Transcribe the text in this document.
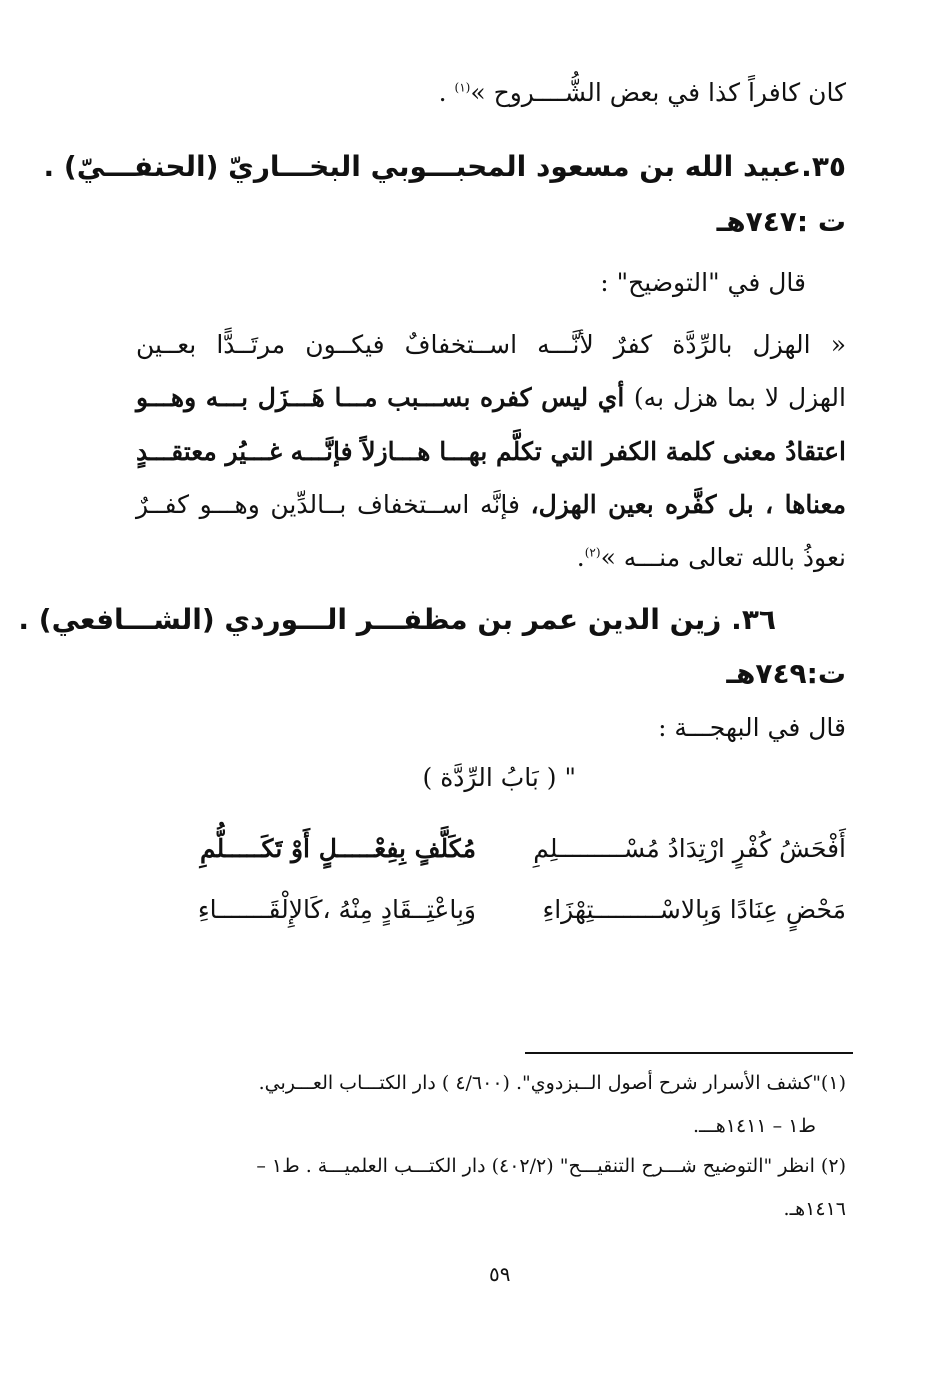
كان كافراً كذا في بعض الشُّــــروح »$^{(١)}$ .
٣٥.عبيد الله بن مسعود المحبـــوبي البخـــاريّ (الحنفـــيّ) .
ت :٧٤٧هـ
قال في "التوضيح" :
« الهزل بالرِّدَّة كفرٌ لأنَّـــه اســتخفافٌ فيكــون مرتَــدًّا بعــين
الهزل لا بما هزل به) أي ليس كفره بســـبب مـــا هَـــزَل بـــه وهـــو
اعتقادُ معنى كلمة الكفر التي تكلَّم بهـــا هـــازلاً فإنَّـــه غـــيُر معتقـــدٍ
معناها ، بل كفَّره بعين الهزل، فإنَّه اســتخفاف بــالدِّين وهـــو كفــرٌ
نعوذُ بالله تعالى منـــه »$^{(٢)}$.
٣٦. زين الدين عمر بن مظفـــر الـــوردي (الشـــافعي) .
ت:٧٤٩هـ
قال في البهجـــة :
" ( بَابُ الرِّدَّة )
أَفْحَشُ كُفْرٍ ارْتِدَادُ مُسْـــــــــلِمِ
مُكَلَّفٍ بِفِعْـــــلٍ أَوْ تَكَـــــلُّمِ
مَحْضٍ عِنَادًا وَبِالاسْـــــــــتِهْزَاءِ
وَبِاعْتِــقَادٍ مِنْهُ ،كَالإِلْقَـــــــاءِ
(١)"كشف الأسرار شرح أصول الــبزدوي". (٤/٦٠٠ ) دار الكتـــاب العـــربي.
ط١ – ١٤١١هـــ.
(٢) انظر "التوضيح شـــرح التنقيـــح" (٤٠٢/٢) دار الكتـــب العلميـــة . ط١ –
١٤١٦هـ.
٥٩
